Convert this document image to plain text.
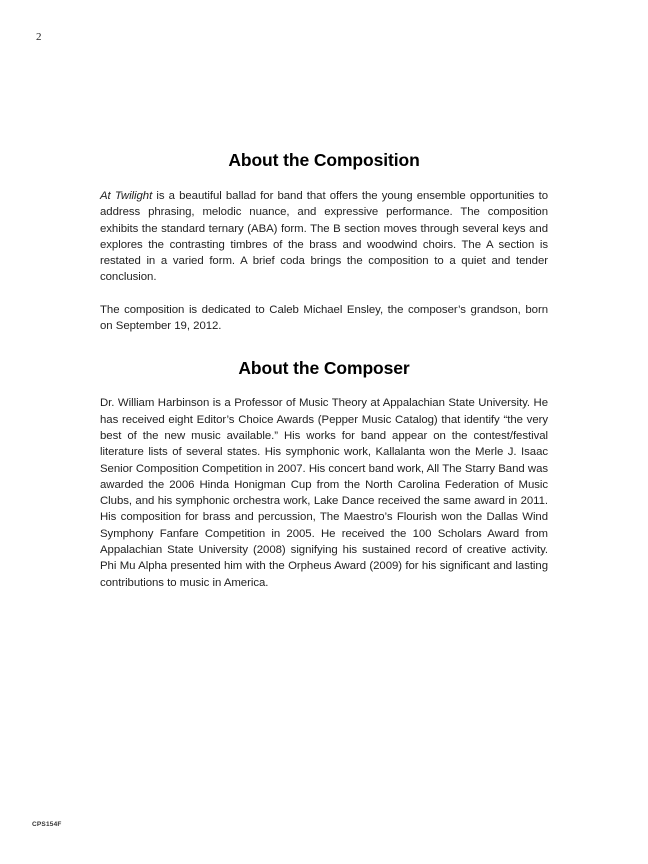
2
About the Composition

At Twilight is a beautiful ballad for band that offers the young ensemble opportunities to address phrasing, melodic nuance, and expressive performance. The composition exhibits the standard ternary (ABA) form. The B section moves through several keys and explores the contrasting timbres of the brass and woodwind choirs. The A section is restated in a varied form. A brief coda brings the composition to a quiet and tender conclusion.

The composition is dedicated to Caleb Michael Ensley, the composer’s grandson, born on September 19, 2012.

About the Composer

Dr. William Harbinson is a Professor of Music Theory at Appalachian State University. He has received eight Editor’s Choice Awards (Pepper Music Catalog) that identify “the very best of the new music available.” His works for band appear on the contest/festival literature lists of several states. His symphonic work, Kallalanta won the Merle J. Isaac Senior Composition Competition in 2007. His concert band work, All The Starry Band was awarded the 2006 Hinda Honigman Cup from the North Carolina Federation of Music Clubs, and his symphonic orchestra work, Lake Dance received the same award in 2011. His composition for brass and percussion, The Maestro’s Flourish won the Dallas Wind Symphony Fanfare Competition in 2005. He received the 100 Scholars Award from Appalachian State University (2008) signifying his sustained record of creative activity. Phi Mu Alpha presented him with the Orpheus Award (2009) for his significant and lasting contributions to music in America.

CPS154F
